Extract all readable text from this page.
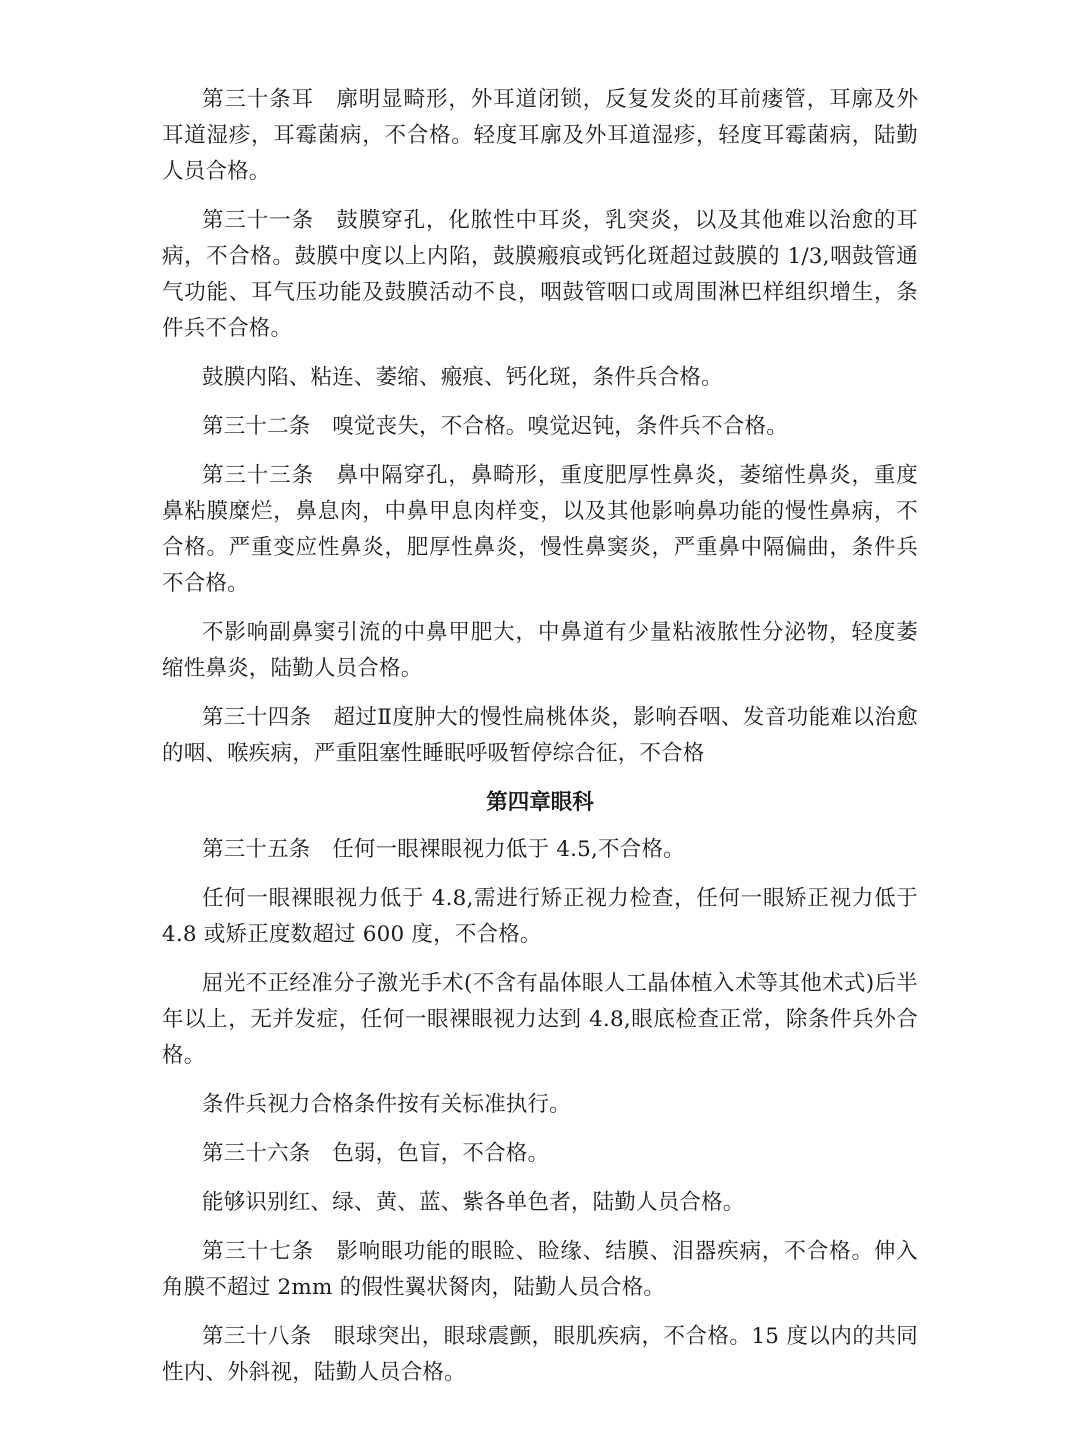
第三十条耳　廓明显畸形，外耳道闭锁，反复发炎的耳前瘘管，耳廓及外耳道湿疹，耳霉菌病，不合格。轻度耳廓及外耳道湿疹，轻度耳霉菌病，陆勤人员合格。

第三十一条　鼓膜穿孔，化脓性中耳炎，乳突炎，以及其他难以治愈的耳病，不合格。鼓膜中度以上内陷，鼓膜瘢痕或钙化斑超过鼓膜的 1/3,咽鼓管通气功能、耳气压功能及鼓膜活动不良，咽鼓管咽口或周围淋巴样组织增生，条件兵不合格。

鼓膜内陷、粘连、萎缩、瘢痕、钙化斑，条件兵合格。

第三十二条　嗅觉丧失，不合格。嗅觉迟钝，条件兵不合格。

第三十三条　鼻中隔穿孔，鼻畸形，重度肥厚性鼻炎，萎缩性鼻炎，重度鼻粘膜糜烂，鼻息肉，中鼻甲息肉样变，以及其他影响鼻功能的慢性鼻病，不合格。严重变应性鼻炎，肥厚性鼻炎，慢性鼻窦炎，严重鼻中隔偏曲，条件兵不合格。

不影响副鼻窦引流的中鼻甲肥大，中鼻道有少量粘液脓性分泌物，轻度萎缩性鼻炎，陆勤人员合格。

第三十四条　超过Ⅱ度肿大的慢性扁桃体炎，影响吞咽、发音功能难以治愈的咽、喉疾病，严重阻塞性睡眠呼吸暂停综合征，不合格

第四章眼科

第三十五条　任何一眼裸眼视力低于 4.5,不合格。

任何一眼裸眼视力低于 4.8,需进行矫正视力检查，任何一眼矫正视力低于 4.8 或矫正度数超过 600 度，不合格。

屈光不正经准分子激光手术(不含有晶体眼人工晶体植入术等其他术式)后半年以上，无并发症，任何一眼裸眼视力达到 4.8,眼底检查正常，除条件兵外合格。

条件兵视力合格条件按有关标准执行。

第三十六条　色弱，色盲，不合格。

能够识别红、绿、黄、蓝、紫各单色者，陆勤人员合格。

第三十七条　影响眼功能的眼睑、睑缘、结膜、泪器疾病，不合格。伸入角膜不超过 2mm 的假性翼状胬肉，陆勤人员合格。

第三十八条　眼球突出，眼球震颤，眼肌疾病，不合格。15 度以内的共同性内、外斜视，陆勤人员合格。
